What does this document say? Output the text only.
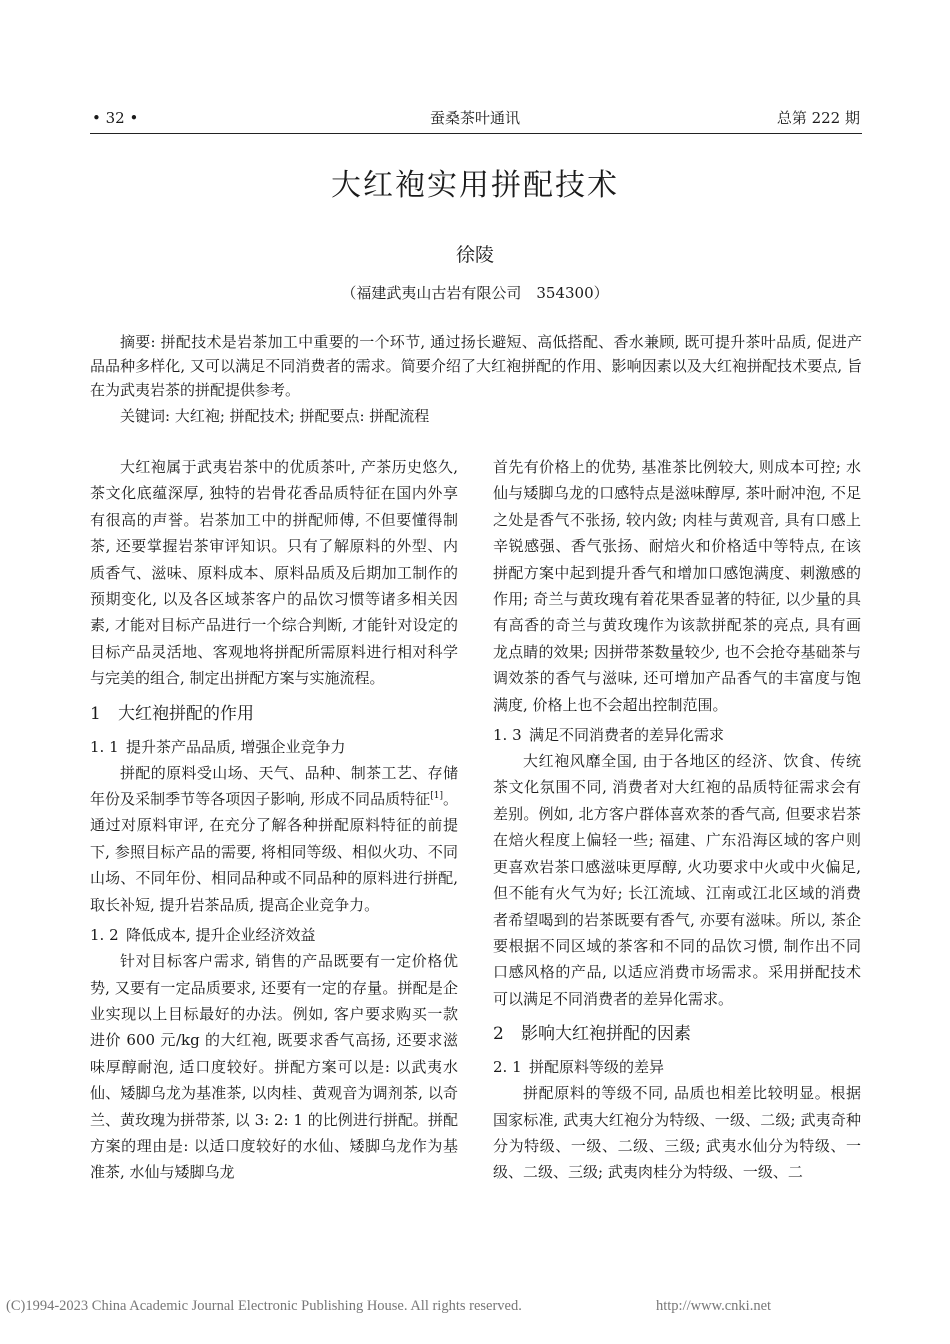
• 32 •	蚕桑茶叶通讯	总第 222 期
大红袍实用拼配技术
徐陵
（福建武夷山古岩有限公司　354300）
摘要: 拼配技术是岩茶加工中重要的一个环节, 通过扬长避短、高低搭配、香水兼顾, 既可提升茶叶品质, 促进产品品种多样化, 又可以满足不同消费者的需求。简要介绍了大红袍拼配的作用、影响因素以及大红袍拼配技术要点, 旨在为武夷岩茶的拼配提供参考。
关键词: 大红袍; 拼配技术; 拼配要点: 拼配流程

大红袍属于武夷岩茶中的优质茶叶, 产茶历史悠久, 茶文化底蕴深厚, 独特的岩骨花香品质特征在国内外享有很高的声誉。岩茶加工中的拼配师傅, 不但要懂得制茶, 还要掌握岩茶审评知识。只有了解原料的外型、内质香气、滋味、原料成本、原料品质及后期加工制作的预期变化, 以及各区域茶客户的品饮习惯等诸多相关因素, 才能对目标产品进行一个综合判断, 才能针对设定的目标产品灵活地、客观地将拼配所需原料进行相对科学与完美的组合, 制定出拼配方案与实施流程。

1 大红袍拼配的作用
1. 1 提升茶产品品质, 增强企业竞争力

拼配的原料受山场、天气、品种、制茶工艺、存储年份及采制季节等各项因子影响, 形成不同品质特征[1]。通过对原料审评, 在充分了解各种拼配原料特征的前提下, 参照目标产品的需要, 将相同等级、相似火功、不同山场、不同年份、相同品种或不同品种的原料进行拼配, 取长补短, 提升岩茶品质, 提高企业竞争力。

1. 2 降低成本, 提升企业经济效益

针对目标客户需求, 销售的产品既要有一定价格优势, 又要有一定品质要求, 还要有一定的存量。拼配是企业实现以上目标最好的办法。例如, 客户要求购买一款进价 600 元/kg 的大红袍, 既要求香气高扬, 还要求滋味厚醇耐泡, 适口度较好。拼配方案可以是: 以武夷水仙、矮脚乌龙为基准茶, 以肉桂、黄观音为调剂茶, 以奇兰、黄玫瑰为拼带茶, 以 3: 2: 1 的比例进行拼配。拼配方案的理由是: 以适口度较好的水仙、矮脚乌龙作为基准茶, 水仙与矮脚乌龙

首先有价格上的优势, 基准茶比例较大, 则成本可控; 水仙与矮脚乌龙的口感特点是滋味醇厚, 茶叶耐冲泡, 不足之处是香气不张扬, 较内敛; 肉桂与黄观音, 具有口感上辛锐感强、香气张扬、耐焙火和价格适中等特点, 在该拼配方案中起到提升香气和增加口感饱满度、刺激感的作用; 奇兰与黄玫瑰有着花果香显著的特征, 以少量的具有高香的奇兰与黄玫瑰作为该款拼配茶的亮点, 具有画龙点睛的效果; 因拼带茶数量较少, 也不会抢夺基础茶与调效茶的香气与滋味, 还可增加产品香气的丰富度与饱满度, 价格上也不会超出控制范围。

1. 3 满足不同消费者的差异化需求

大红袍风靡全国, 由于各地区的经济、饮食、传统茶文化氛围不同, 消费者对大红袍的品质特征需求会有差别。例如, 北方客户群体喜欢茶的香气高, 但要求岩茶在焙火程度上偏轻一些; 福建、广东沿海区域的客户则更喜欢岩茶口感滋味更厚醇, 火功要求中火或中火偏足, 但不能有火气为好; 长江流域、江南或江北区域的消费者希望喝到的岩茶既要有香气, 亦要有滋味。所以, 茶企要根据不同区域的茶客和不同的品饮习惯, 制作出不同口感风格的产品, 以适应消费市场需求。采用拼配技术可以满足不同消费者的差异化需求。

2 影响大红袍拼配的因素
2. 1 拼配原料等级的差异

拼配原料的等级不同, 品质也相差比较明显。根据国家标准, 武夷大红袍分为特级、一级、二级; 武夷奇种分为特级、一级、二级、三级; 武夷水仙分为特级、一级、二级、三级; 武夷肉桂分为特级、一级、二

(C)1994-2023 China Academic Journal Electronic Publishing House. All rights reserved.	http://www.cnki.net
